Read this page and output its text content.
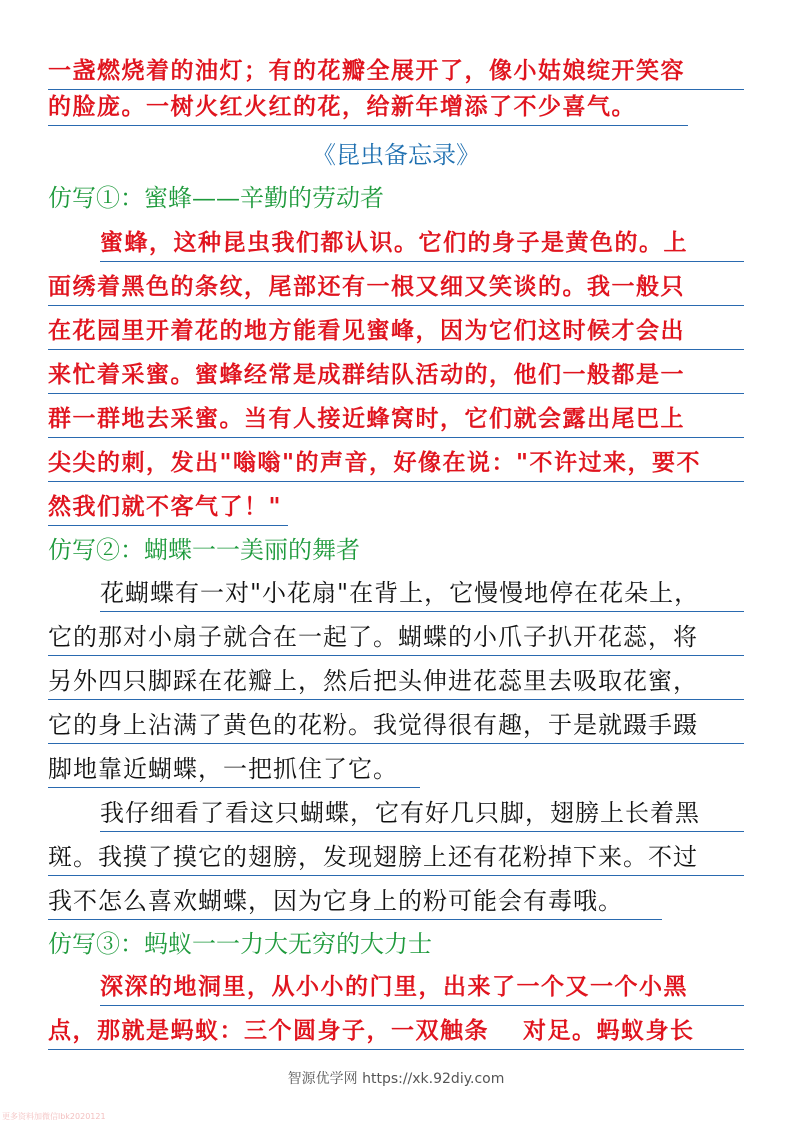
一盏燃烧着的油灯；有的花瓣全展开了，像小姑娘绽开笑容
的脸庞。一树火红火红的花，给新年增添了不少喜气。
《昆虫备忘录》
仿写①：蜜蜂——辛勤的劳动者
蜜蜂，这种昆虫我们都认识。它们的身子是黄色的。上
面绣着黑色的条纹，尾部还有一根又细又笑谈的。我一般只
在花园里开着花的地方能看见蜜峰，因为它们这时候才会出
来忙着采蜜。蜜蜂经常是成群结队活动的，他们一般都是一
群一群地去采蜜。当有人接近蜂窝时，它们就会露出尾巴上
尖尖的刺，发出"嗡嗡"的声音，好像在说："不许过来，要不
然我们就不客气了！"
仿写②：蝴蝶一一美丽的舞者
花蝴蝶有一对"小花扇"在背上，它慢慢地停在花朵上，
它的那对小扇子就合在一起了。蝴蝶的小爪子扒开花蕊，将
另外四只脚踩在花瓣上，然后把头伸进花蕊里去吸取花蜜，
它的身上沾满了黄色的花粉。我觉得很有趣，于是就蹑手蹑
脚地靠近蝴蝶，一把抓住了它。
我仔细看了看这只蝴蝶，它有好几只脚，翅膀上长着黑
斑。我摸了摸它的翅膀，发现翅膀上还有花粉掉下来。不过
我不怎么喜欢蝴蝶，因为它身上的粉可能会有毒哦。
仿写③：蚂蚁一一力大无穷的大力士
深深的地洞里，从小小的门里，出来了一个又一个小黑
点，那就是蚂蚁：三个圆身子，一双触条　 对足。蚂蚁身长
智源优学网 https://xk.92diy.com
更多资料加微信lbk2020121
